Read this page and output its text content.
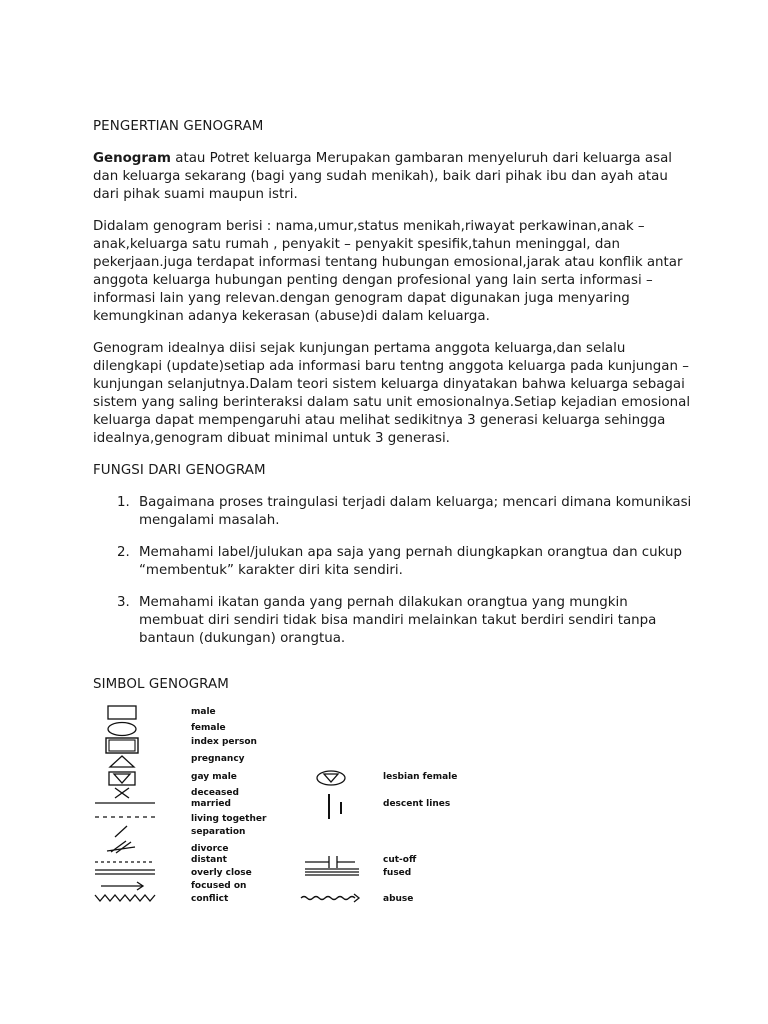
PENGERTIAN GENOGRAM

Genogram atau Potret keluarga Merupakan gambaran menyeluruh dari keluarga asal dan keluarga sekarang (bagi yang sudah menikah), baik dari pihak ibu dan ayah atau dari pihak suami maupun istri.

Didalam genogram berisi : nama,umur,status menikah,riwayat perkawinan,anak – anak,keluarga satu rumah , penyakit – penyakit spesifik,tahun meninggal, dan pekerjaan.juga terdapat informasi tentang hubungan emosional,jarak atau konflik antar anggota keluarga hubungan penting dengan profesional yang lain serta informasi – informasi lain yang relevan.dengan genogram dapat digunakan juga menyaring kemungkinan adanya kekerasan (abuse)di dalam keluarga.

Genogram idealnya diisi sejak kunjungan pertama anggota keluarga,dan selalu dilengkapi (update)setiap ada informasi baru tentng anggota keluarga pada kunjungan – kunjungan selanjutnya.Dalam teori sistem keluarga dinyatakan bahwa keluarga sebagai sistem yang saling berinteraksi dalam satu unit emosionalnya.Setiap kejadian emosional keluarga dapat mempengaruhi atau melihat sedikitnya 3 generasi keluarga sehingga idealnya,genogram dibuat minimal untuk 3 generasi.

FUNGSI DARI GENOGRAM
1. Bagaimana proses traingulasi terjadi dalam keluarga; mencari dimana komunikasi mengalami masalah.
2. Memahami label/julukan apa saja yang pernah diungkapkan orangtua dan cukup “membentuk” karakter diri kita sendiri.
3. Memahami ikatan ganda yang pernah dilakukan orangtua yang mungkin membuat diri sendiri tidak bisa mandiri melainkan takut berdiri sendiri tanpa bantaun (dukungan) orangtua.
SIMBOL GENOGRAM
male
female
index person
pregnancy
gay male	lesbian female
deceased
married	descent lines
living together
separation
divorce
distant	cut-off
overly close	fused
focused on
conflict	abuse
